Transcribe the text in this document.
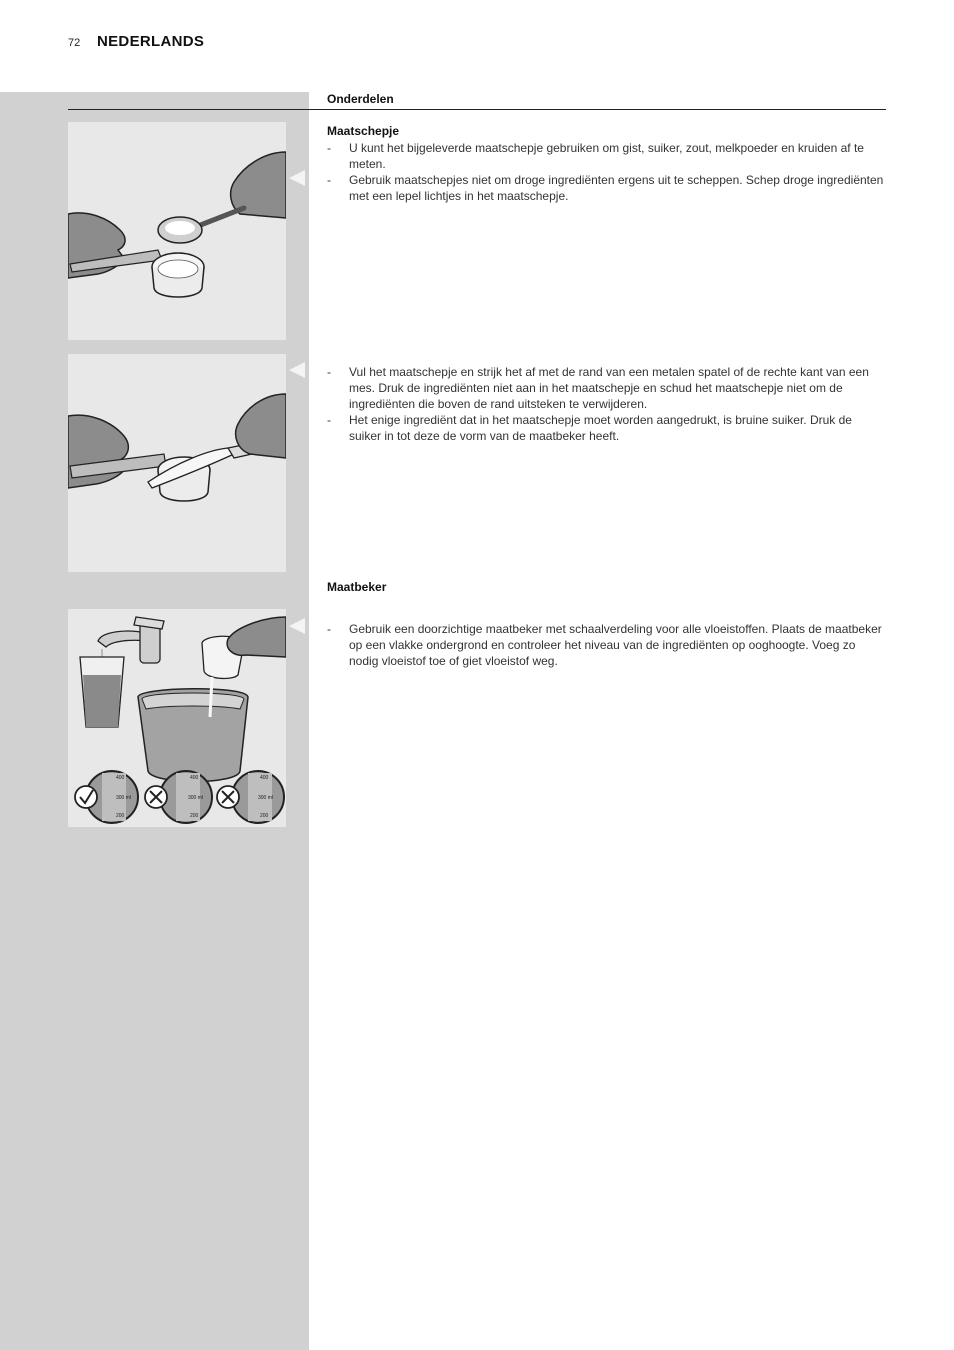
72 NEDERLANDS
Onderdelen
Maatschepje
- U kunt het bijgeleverde maatschepje gebruiken om gist, suiker, zout, melkpoeder en kruiden af te meten.
- Gebruik maatschepjes niet om droge ingrediënten ergens uit te scheppen. Schep droge ingrediënten met een lepel lichtjes in het maatschepje.
- Vul het maatschepje en strijk het af met de rand van een metalen spatel of de rechte kant van een mes. Druk de ingrediënten niet aan in het maatschepje en schud het maatschepje niet om de ingrediënten die boven de rand uitsteken te verwijderen.
- Het enige ingrediënt dat in het maatschepje moet worden aangedrukt, is bruine suiker. Druk de suiker in tot deze de vorm van de maatbeker heeft.
400
300 ml
200
400
300 ml
200
400
300 ml
200
Maatbeker
- Gebruik een doorzichtige maatbeker met schaalverdeling voor alle vloeistoffen. Plaats de maatbeker op een vlakke ondergrond en controleer het niveau van de ingrediënten op ooghoogte. Voeg zo nodig vloeistof toe of giet vloeistof weg.
